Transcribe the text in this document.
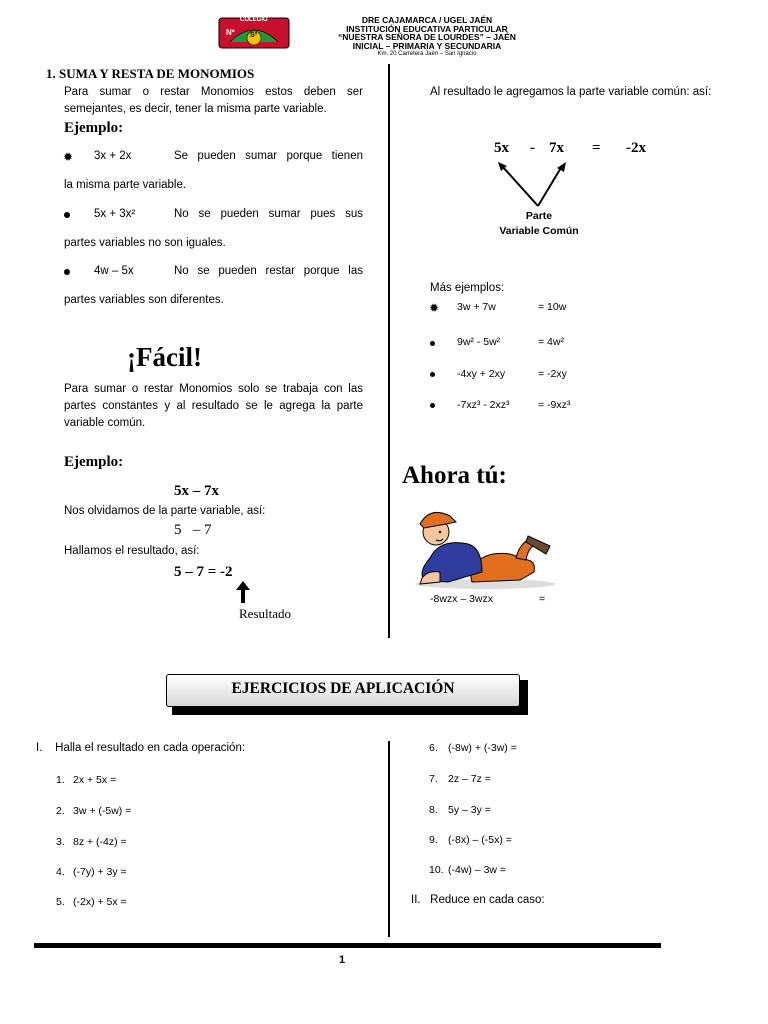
COLEGIO
Nº Sº
DRE CAJAMARCA / UGEL JAÉN
INSTITUCIÓN EDUCATIVA PARTICULAR
“NUESTRA SEÑORA DE LOURDES” – JAÉN
INICIAL – PRIMARIA Y SECUNDARIA
Km. 20 Carretera Jaén – San Ignacio
1. SUMA Y RESTA DE MONOMIOS
Para sumar o restar Monomios estos deben ser semejantes, es decir, tener la misma parte variable.
Ejemplo:
✹ 3x + 2x	Se pueden sumar porque tienen
la misma parte variable.
5x + 3x²	No se pueden sumar pues sus
partes variables no son iguales.
4w – 5x	No se pueden restar porque las
partes variables son diferentes.
¡Fácil!
Para sumar o restar Monomios solo se trabaja con las partes constantes y al resultado se le agrega la parte variable común.
Ejemplo:
5x – 7x
Nos olvidamos de la parte variable, así:
5   – 7
Hallamos el resultado, así:
5 – 7 = -2
Resultado
Al resultado le agregamos la parte variable común: así:
5x - 7x = -2x
Parte
Variable Común
Más ejemplos:
✹ 3w + 7w	= 10w
9w² - 5w²	= 4w²
-4xy + 2xy	= -2xy
-7xz³ - 2xz³	= -9xz³
Ahora tú:
-8wzx – 3wzx	=
EJERCICIOS DE APLICACIÓN
I.    Halla el resultado en cada operación:
1. 2x + 5x =
2. 3w + (-5w) =
3. 8z + (-4z) =
4. (-7y) + 3y =
5. (-2x) + 5x =
6. (-8w) + (-3w) =
7. 2z – 7z =
8. 5y – 3y =
9. (-8x) – (-5x) =
10. (-4w) – 3w =
II.   Reduce en cada caso:
1
